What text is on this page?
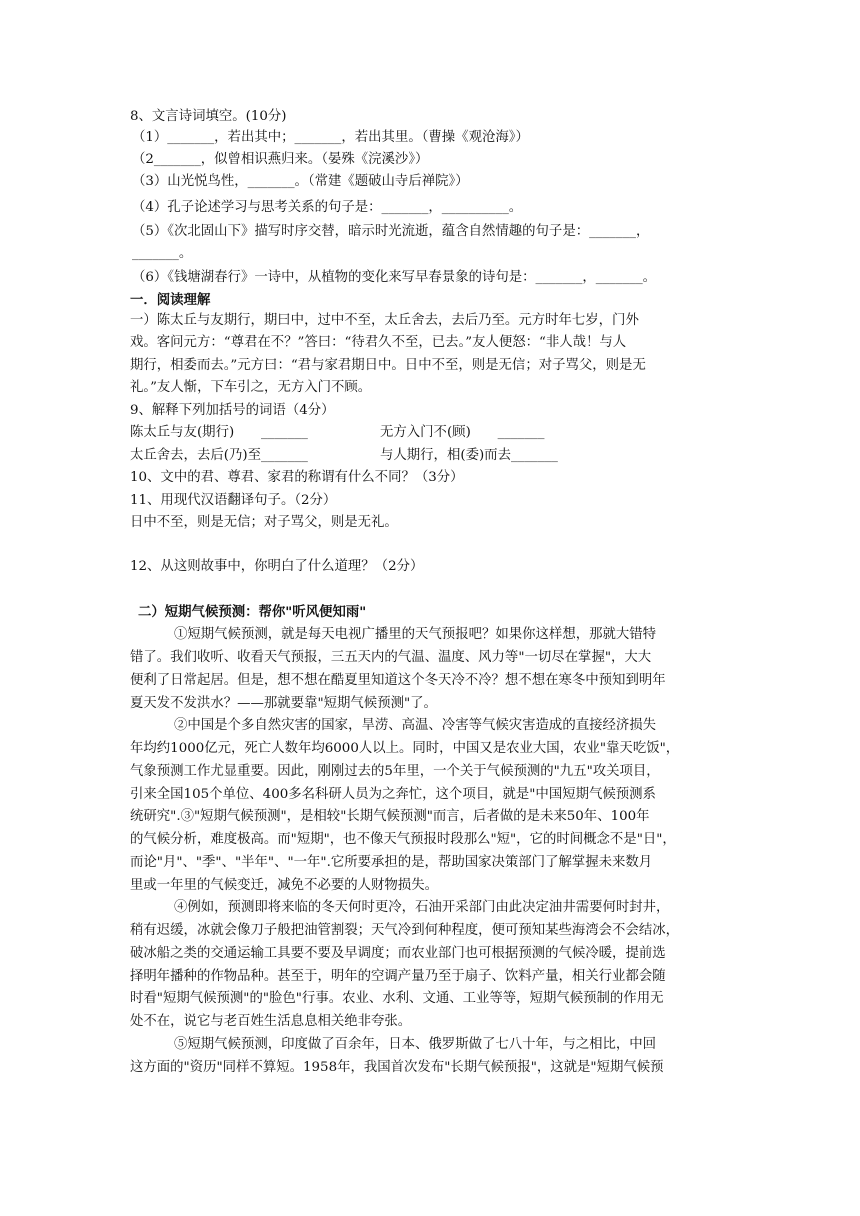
8、文言诗词填空。(10分)
（1）_______，若出其中；_______，若出其里。（曹操《观沧海》）
（2_______，似曾相识燕归来。（晏殊《浣溪沙》）
（3）山光悦鸟性，_______。（常建《题破山寺后禅院》）
（4）孔子论述学习与思考关系的句子是：_______，__________。
（5）《次北固山下》描写时序交替，暗示时光流逝，蕴含自然情趣的句子是：_______，
_______。
（6）《钱塘湖春行》一诗中，从植物的变化来写早春景象的诗句是：_______，_______。
一．阅读理解
一）陈太丘与友期行，期曰中，过中不至，太丘舍去，去后乃至。元方时年七岁，门外
戏。客问元方：“尊君在不？”答曰：“待君久不至，已去。”友人便怒：“非人哉！与人
期行，相委而去。”元方曰：“君与家君期日中。日中不至，则是无信；对子骂父，则是无
礼。”友人惭，下车引之，无方入门不顾。
9、解释下列加括号的词语（4分）
陈太丘与友(期行)　　_______	无方入门不(顾)　　_______
太丘舍去，去后(乃)至_______	与人期行，相(委)而去_______
10、文中的君、尊君、家君的称谓有什么不同？（3分）
11、用现代汉语翻译句子。（2分）
日中不至，则是无信；对子骂父，则是无礼。
12、从这则故事中，你明白了什么道理？（2分）
二）短期气候预测：帮你"听风便知雨"
①短期气候预测，就是每天电视广播里的天气预报吧？如果你这样想，那就大错特
错了。我们收听、收看天气预报，三五天内的气温、温度、风力等"一切尽在掌握"，大大
便利了日常起居。但是，想不想在酷夏里知道这个冬天冷不冷？想不想在寒冬中预知到明年
夏天发不发洪水？——那就要靠"短期气候预测"了。
②中国是个多自然灾害的国家，旱涝、高温、冷害等气候灾害造成的直接经济损失
年均约1000亿元，死亡人数年均6000人以上。同时，中国又是农业大国，农业"靠天吃饭"，
气象预测工作尤显重要。因此，刚刚过去的5年里，一个关于气候预测的"九五"攻关项目，
引来全国105个单位、400多名科研人员为之奔忙，这个项目，就是"中国短期气候预测系
统研究".③"短期气候预测"，是相较"长期气候预测"而言，后者做的是未来50年、100年
的气候分析，难度极高。而"短期"，也不像天气预报时段那么"短"，它的时间概念不是"日"，
而论"月"、"季"、"半年"、"一年".它所要承担的是，帮助国家决策部门了解掌握未来数月
里或一年里的气候变迁，减免不必要的人财物损失。
④例如，预测即将来临的冬天何时更冷，石油开采部门由此决定油井需要何时封井，
稍有迟缓，冰就会像刀子般把油管割裂；天气冷到何种程度，便可预知某些海湾会不会结冰，
破冰船之类的交通运输工具要不要及早调度；而农业部门也可根据预测的气候冷暖，提前选
择明年播种的作物品种。甚至于，明年的空调产量乃至于扇子、饮料产量，相关行业都会随
时看"短期气候预测"的"脸色"行事。农业、水利、文通、工业等等，短期气候预制的作用无
处不在，说它与老百姓生活息息相关绝非夸张。
⑤短期气候预测，印度做了百余年，日本、俄罗斯做了七八十年，与之相比，中回
这方面的"资历"同样不算短。1958年，我国首次发布"长期气候预报"，这就是"短期气候预
